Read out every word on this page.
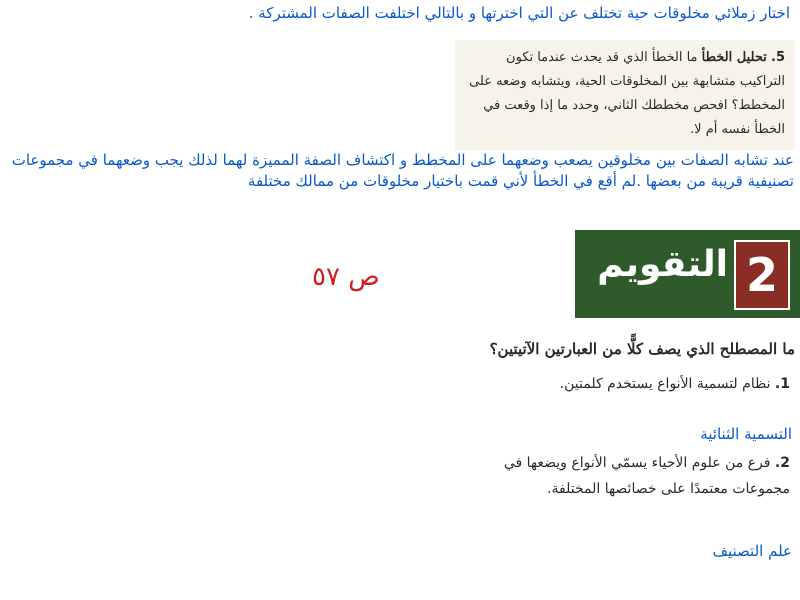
اختار زملائي مخلوقات حية تختلف عن التي اخترتها و بالتالي اختلفت الصفات المشتركة .
5. تحليل الخطأ ما الخطأ الذي قد يحدث عندما تكون التراكيب متشابهة بين المخلوقات الحية، ويتشابه وضعه على المخطط؟ افحص مخططك الثاني، وحدد ما إذا وقعت في الخطأ نفسه أم لا.
عند تشابه الصفات بين مخلوقين يصعب وضعهما على المخطط و اكتشاف الصفة المميزة لهما لذلك يجب وضعهما في مجموعات تصنيفية قريبة من بعضها .لم أقع في الخطأ لأني قمت باختيار مخلوقات من ممالك مختلفة
2
التقويم
ص ٥٧
ما المصطلح الذي يصف كلًّا من العبارتين الآتيتين؟
1. نظام لتسمية الأنواع يستخدم كلمتين.
التسمية الثنائية
2. فرع من علوم الأحياء يسمّي الأنواع ويضعها في مجموعات معتمدًا على خصائصها المختلفة.
علم التصنيف
